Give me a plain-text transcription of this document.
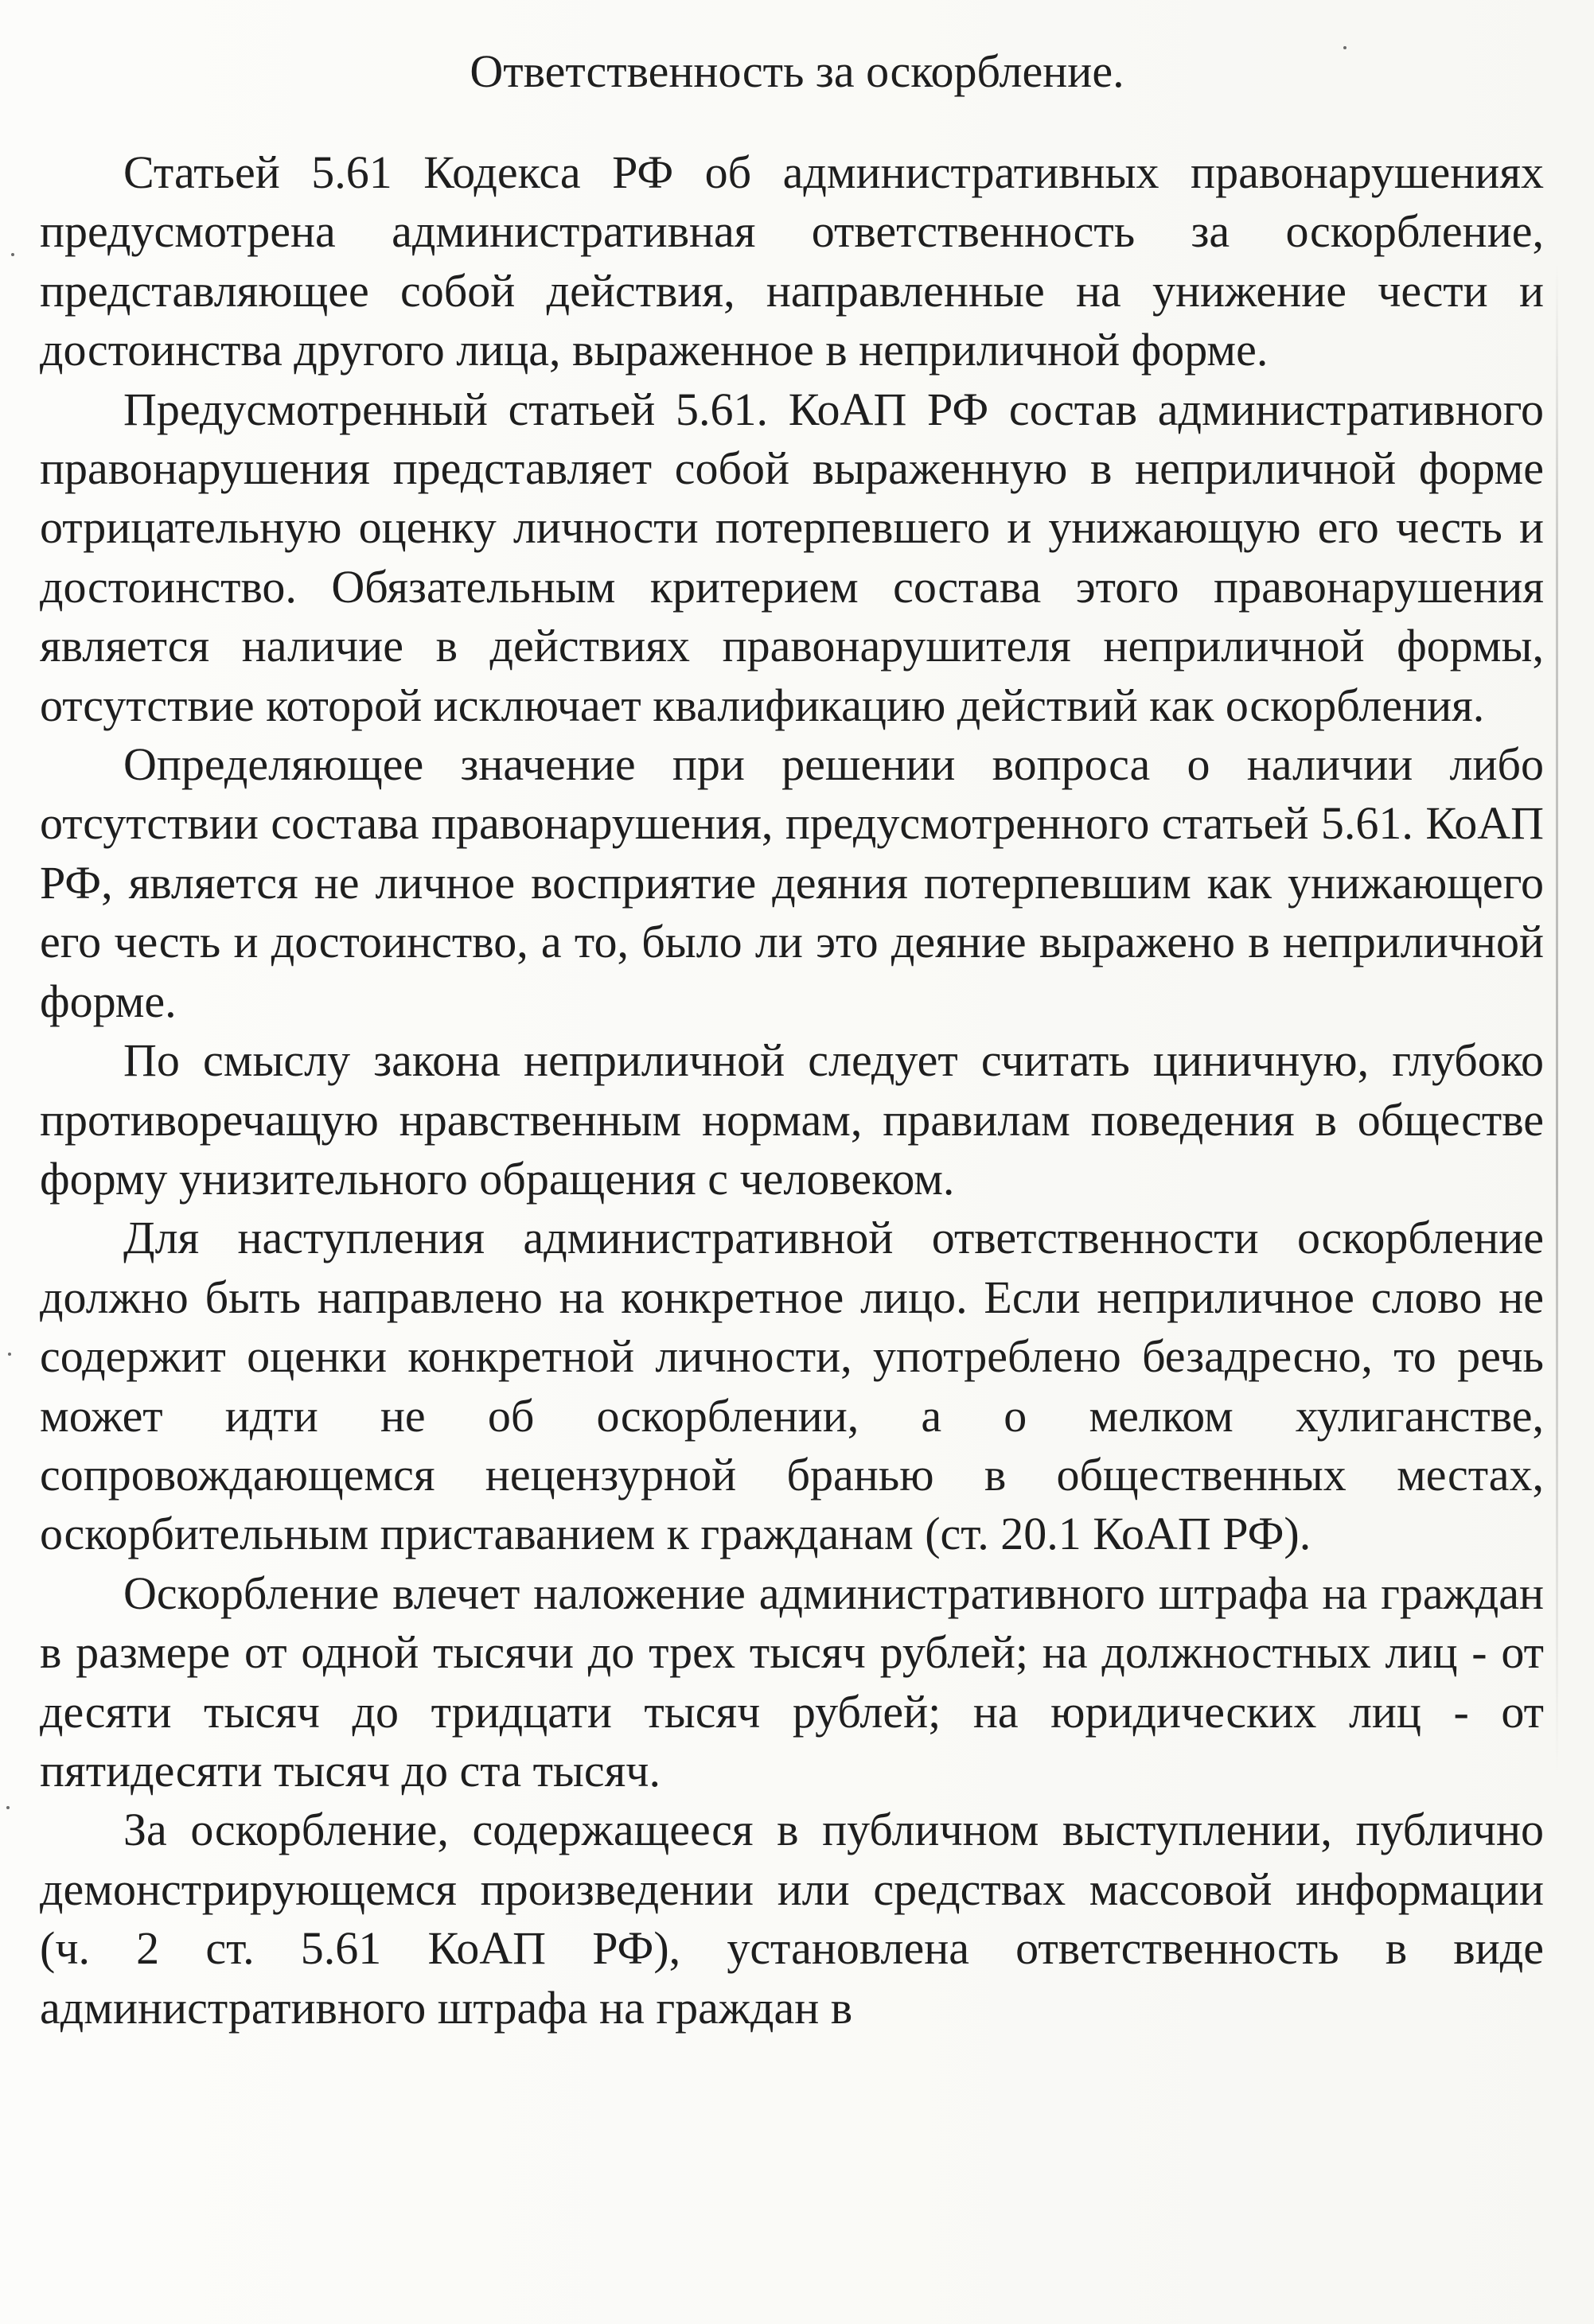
Ответственность за оскорбление.

Статьей 5.61 Кодекса РФ об административных правонарушениях предусмотрена административная ответственность за оскорбление, представляющее собой действия, направленные на унижение чести и достоинства другого лица, выраженное в неприличной форме.

Предусмотренный статьей 5.61. КоАП РФ состав административного правонарушения представляет собой выраженную в неприличной форме отрицательную оценку личности потерпевшего и унижающую его честь и достоинство. Обязательным критерием состава этого правонарушения является наличие в действиях правонарушителя неприличной формы, отсутствие которой исключает квалификацию действий как оскорбления.

Определяющее значение при решении вопроса о наличии либо отсутствии состава правонарушения, предусмотренного статьей 5.61. КоАП РФ, является не личное восприятие деяния потерпевшим как унижающего его честь и достоинство, а то, было ли это деяние выражено в неприличной форме.

По смыслу закона неприличной следует считать циничную, глубоко противоречащую нравственным нормам, правилам поведения в обществе форму унизительного обращения с человеком.

Для наступления административной ответственности оскорбление должно быть направлено на конкретное лицо. Если неприличное слово не содержит оценки конкретной личности, употреблено безадресно, то речь может идти не об оскорблении, а о мелком хулиганстве, сопровождающемся нецензурной бранью в общественных местах, оскорбительным приставанием к гражданам (ст. 20.1 КоАП РФ).

Оскорбление влечет наложение административного штрафа на граждан в размере от одной тысячи до трех тысяч рублей; на должностных лиц - от десяти тысяч до тридцати тысяч рублей; на юридических лиц - от пятидесяти тысяч до ста тысяч.

За оскорбление, содержащееся в публичном выступлении, публично демонстрирующемся произведении или средствах массовой информации (ч. 2 ст. 5.61 КоАП РФ), установлена ответственность в виде административного штрафа на граждан в
